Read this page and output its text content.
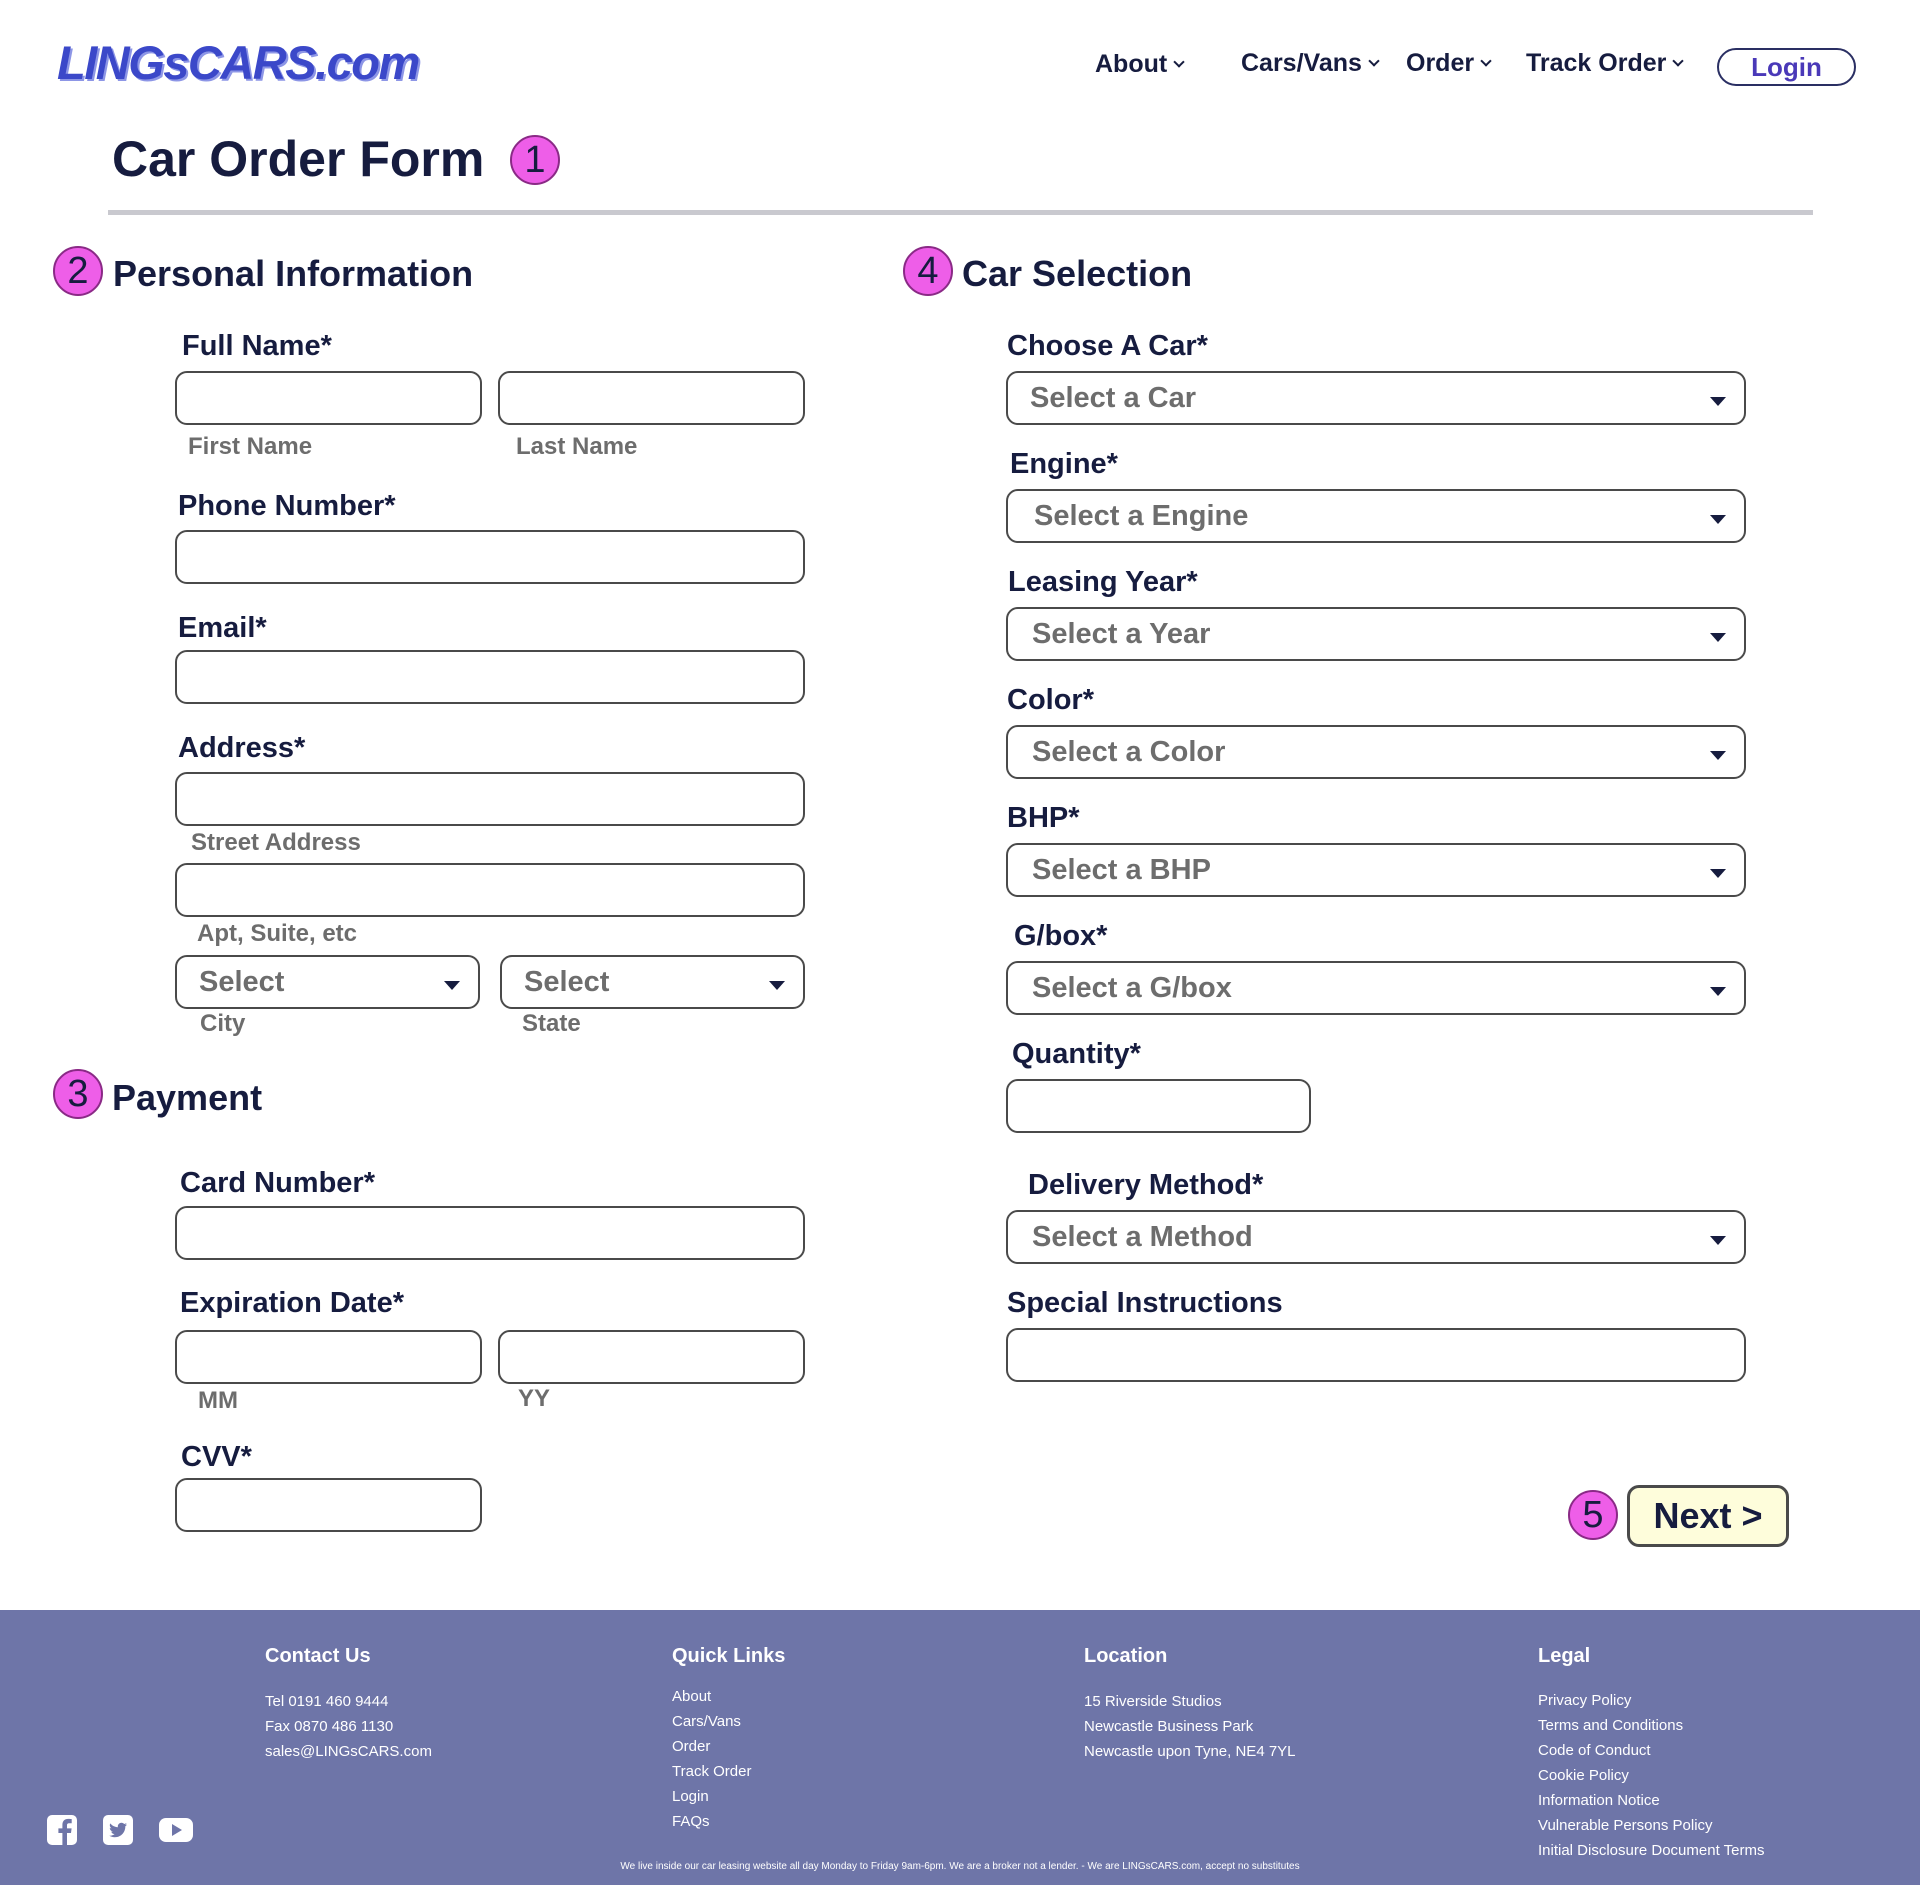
LINGsCARS.com	About	Cars/Vans Order Track Order	Login
Car Order Form	1
2 Personal Information
Full Name*
First Name	Last Name
Phone Number*
Email*
Address*
Street Address
Apt, Suite, etc
Select	Select
City	State
3 Payment
Card Number*
Expiration Date*
MM	YY
CVV*
4 Car Selection
Choose A Car*
Select a Car
Engine*
Select a Engine
Leasing Year*
Select a Year
Color*
Select a Color
BHP*
Select a BHP
G/box*
Select a G/box
Quantity*
Delivery Method*
Select a Method
Special Instructions
5	Next >
Contact Us
Tel 0191 460 9444
Fax 0870 486 1130
sales@LINGsCARS.com
Quick Links
About
Cars/Vans
Order
Track Order
Login
FAQs
Location
15 Riverside Studios
Newcastle Business Park
Newcastle upon Tyne, NE4 7YL
Legal
Privacy Policy
Terms and Conditions
Code of Conduct
Cookie Policy
Information Notice
Vulnerable Persons Policy
Initial Disclosure Document Terms
We live inside our car leasing website all day Monday to Friday 9am-6pm. We are a broker not a lender. - We are LINGsCARS.com, accept no substitutes
